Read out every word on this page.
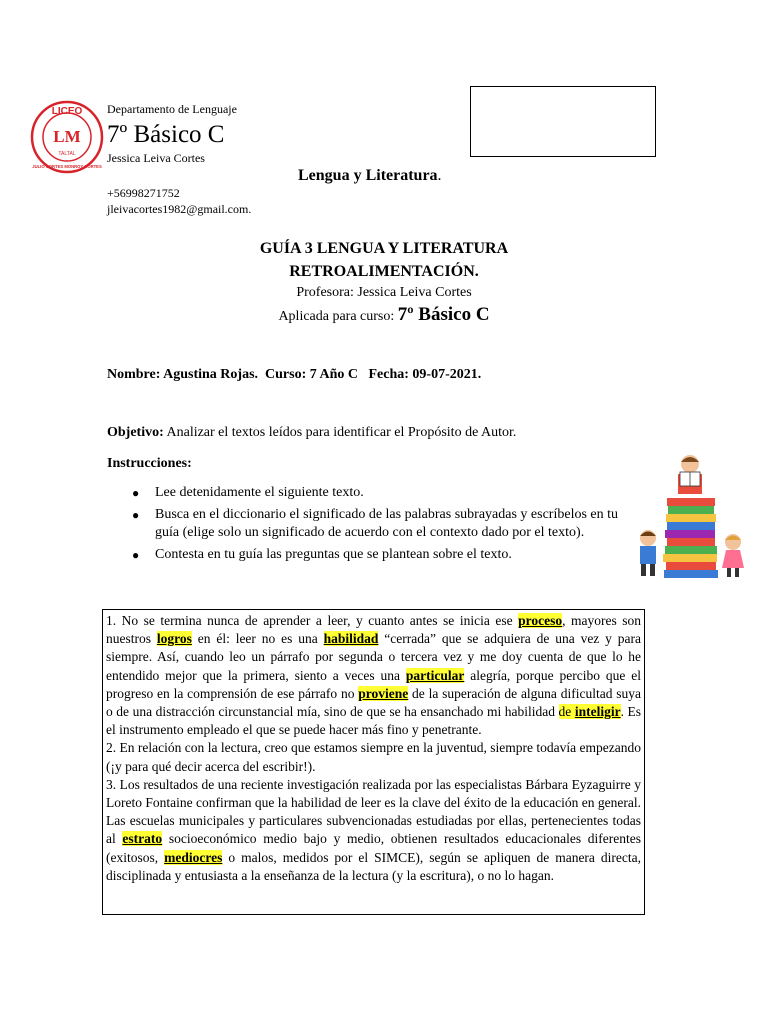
LICEO
LM
TALTAL
JULIO CORTES MONROY CORTES
Departamento de Lenguaje
7º Básico C
Jessica Leiva Cortes
Lengua y Literatura.
+56998271752
jleivacortes1982@gmail.com.
GUÍA 3 LENGUA Y LITERATURA
RETROALIMENTACIÓN.
Profesora: Jessica Leiva Cortes
Aplicada para curso: 7º Básico C
Nombre: Agustina Rojas.  Curso: 7 Año C   Fecha: 09-07-2021.
Objetivo: Analizar el textos leídos para identificar el Propósito de Autor.
Instrucciones:
● Lee detenidamente el siguiente texto.
● Busca en el diccionario el significado de las palabras subrayadas y escríbelos en tu guía (elige solo un significado de acuerdo con el contexto dado por el texto).
● Contesta en tu guía las preguntas que se plantean sobre el texto.

1. No se termina nunca de aprender a leer, y cuanto antes se inicia ese proceso, mayores son nuestros logros en él: leer no es una habilidad “cerrada” que se adquiera de una vez y para siempre. Así, cuando leo un párrafo por segunda o tercera vez y me doy cuenta de que lo he entendido mejor que la primera, siento a veces una particular alegría, porque percibo que el progreso en la comprensión de ese párrafo no proviene de la superación de alguna dificultad suya o de una distracción circunstancial mía, sino de que se ha ensanchado mi habilidad de inteligir. Es el instrumento empleado el que se puede hacer más fino y penetrante.

2. En relación con la lectura, creo que estamos siempre en la juventud, siempre todavía empezando (¡y para qué decir acerca del escribir!).

3. Los resultados de una reciente investigación realizada por las especialistas Bárbara Eyzaguirre y Loreto Fontaine confirman que la habilidad de leer es la clave del éxito de la educación en general. Las escuelas municipales y particulares subvencionadas estudiadas por ellas, pertenecientes todas al estrato socioeconómico medio bajo y medio, obtienen resultados educacionales diferentes (exitosos, mediocres o malos, medidos por el SIMCE), según se apliquen de manera directa, disciplinada y entusiasta a la enseñanza de la lectura (y la escritura), o no lo hagan.
